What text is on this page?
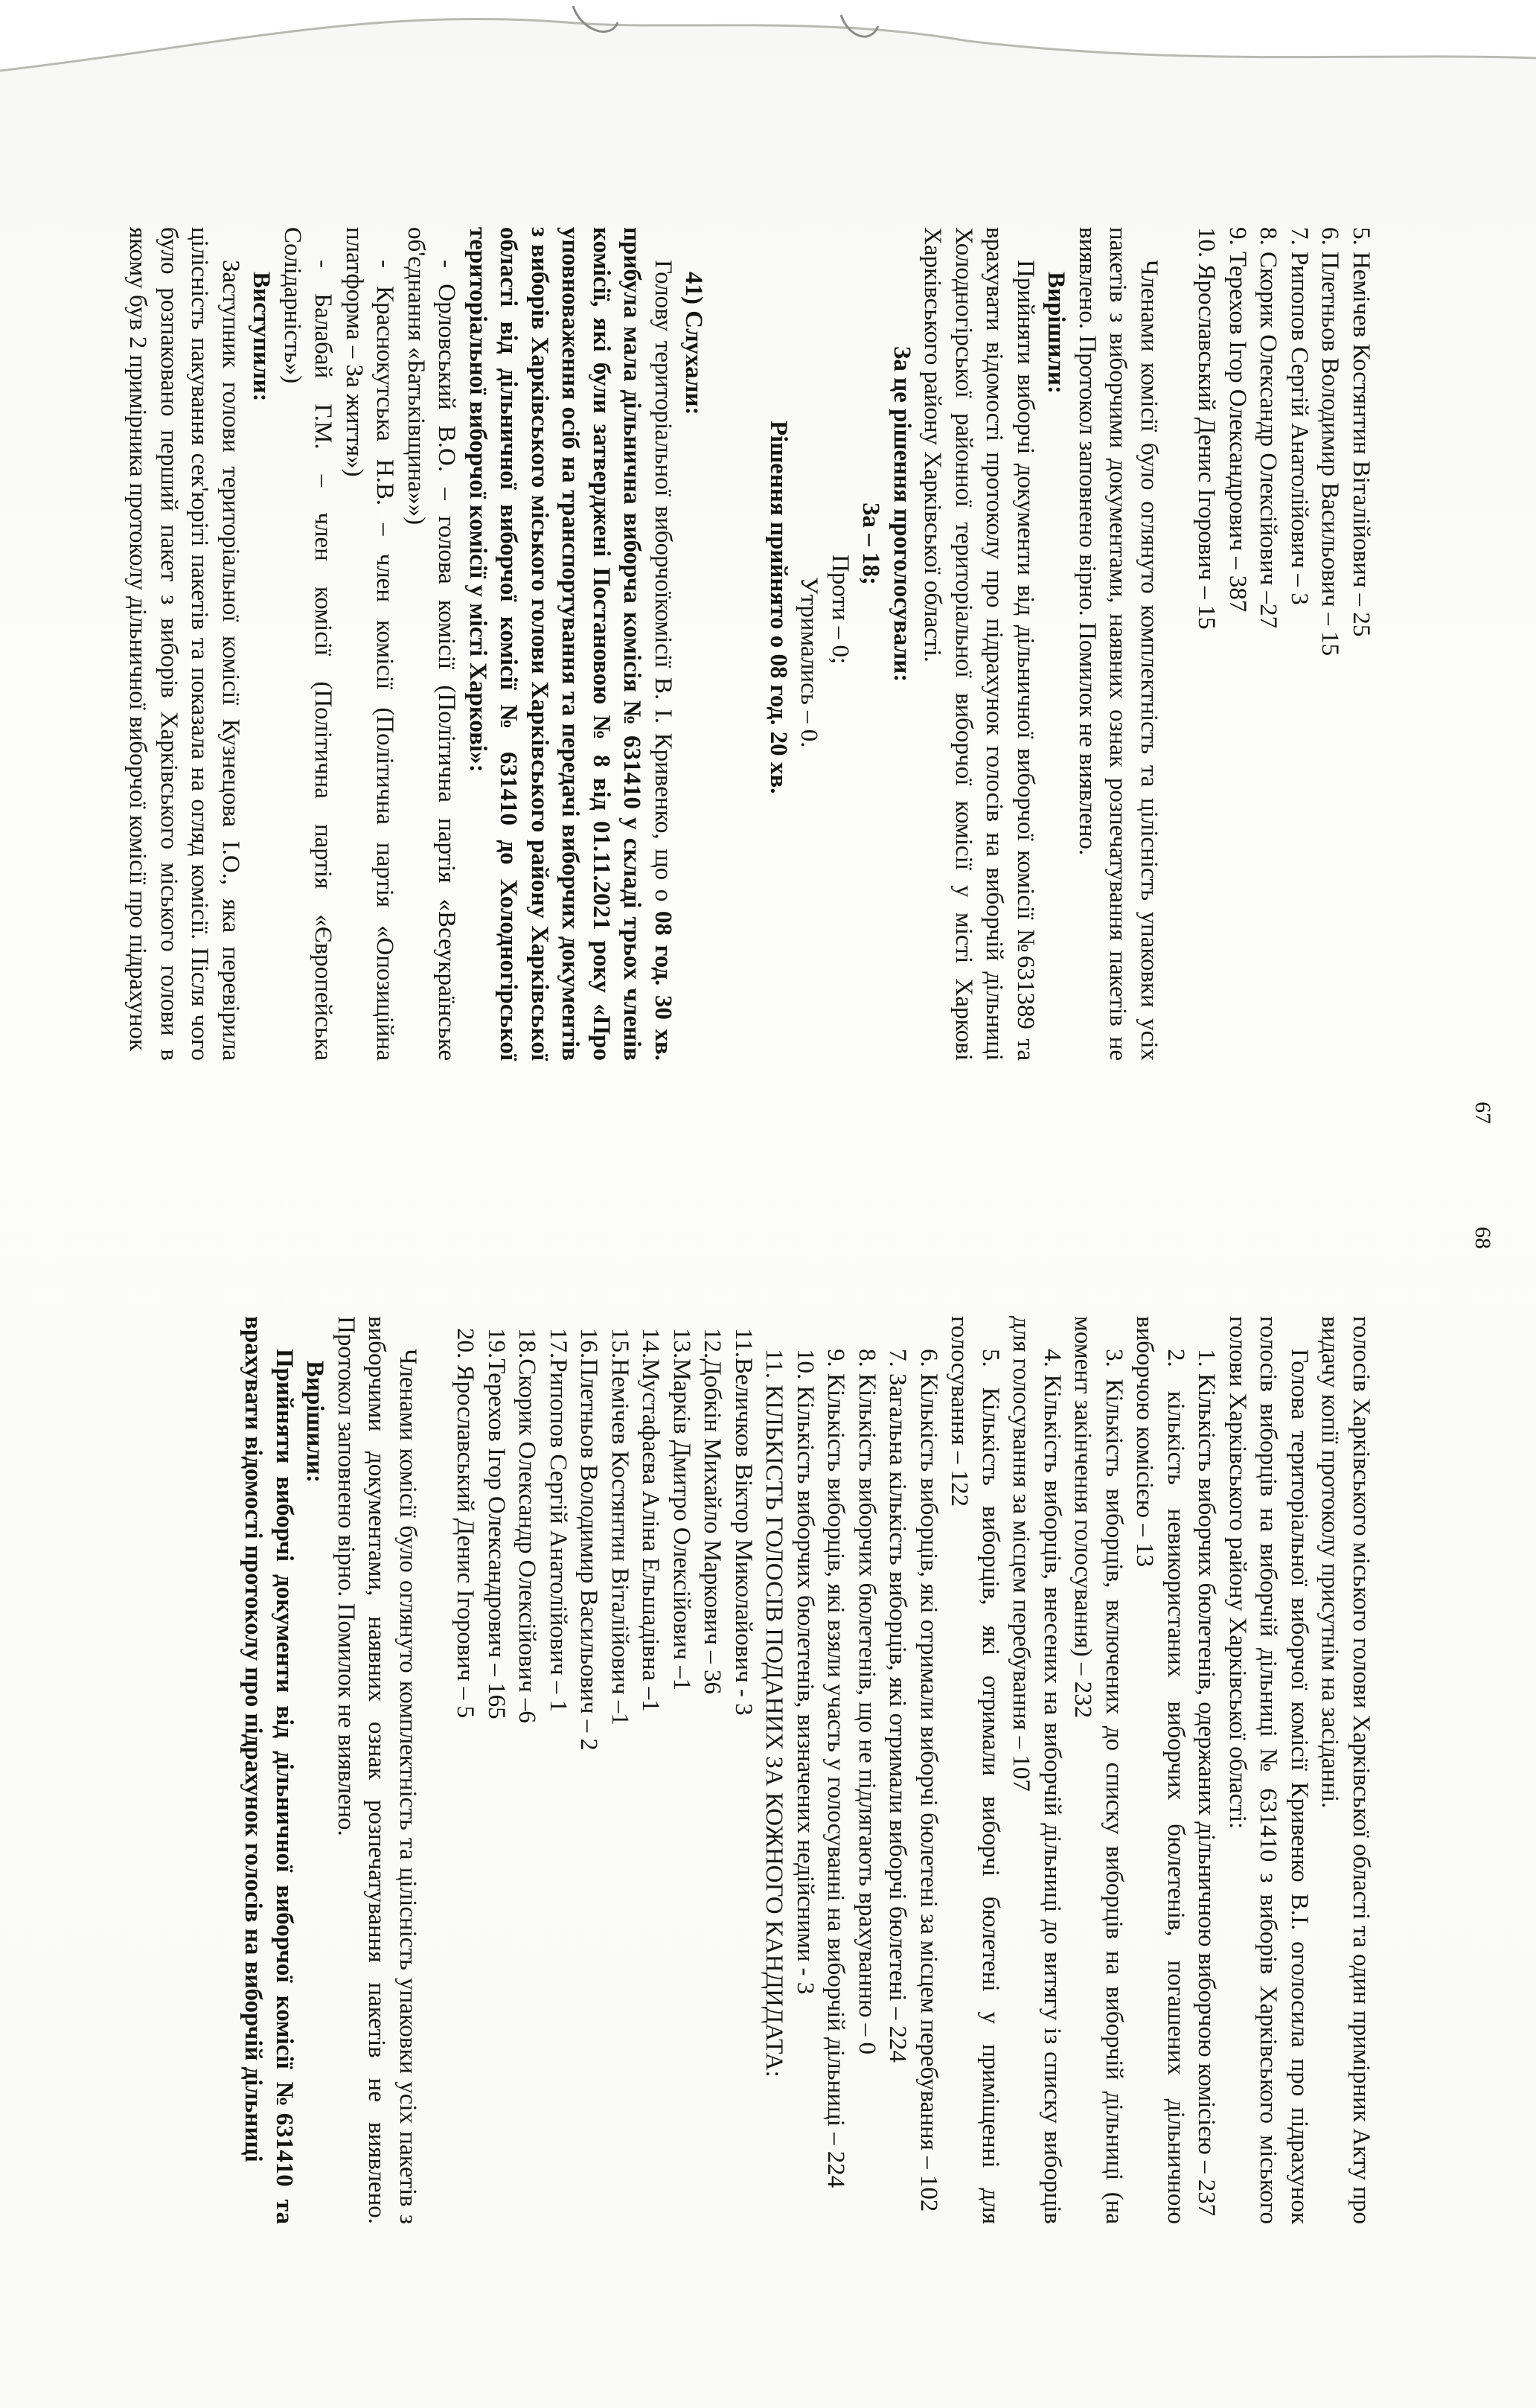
67

5. Немічев Костянтин Віталійович – 25

6. Плетньов Володимир Васильович – 15

7. Рипопов Сергій Анатолійович – 3

8. Скорик Олександр Олексійович –27

9. Терехов Ігор Олександрович – 387

10. Ярославський Денис Ігорович – 15

Членами комісії було оглянуто комплектність та цілісність упаковки усіх пакетів з виборчими документами, наявних ознак розпечатування пакетів не виявлено. Протокол заповнено вірно. Помилок не виявлено.

Вирішили:

Прийняти виборчі документи від дільничної виборчої комісії №631389 та врахувати відомості протоколу про підрахунок голосів на виборчій дільниці Холодногірської районної територіальної виборчої комісії у місті Харкові Харківського району Харківської області.

За це рішення проголосували:

За – 18;

Проти – 0;

Утримались – 0.

Рішення прийнято о 08 год. 20 хв.

41) Слухали:

Голову територіальної виборчоїкомісії В. І. Кривенко, що о 08 год. 30 хв. прибула мала дільнична виборча комісія № 631410 у складі трьох членів комісії, які були затверджені Постановою № 8 від 01.11.2021 року «Про уповноваження осіб на транспортування та передачі виборчих документів з виборів Харківського міського голови Харківського району Харківської області від дільничної виборчої комісії № 631410 до Холодногірської територіальної виборчої комісії у місті Харкові»:

- Орловський В.О. – голова комісії (Політична партія «Всеукраїнське об'єднання «Батьківщина»»)

- Краснокутська Н.В. – член комісії (Політична партія «Опозиційна платформа – За життя»)

- Балабай Г.М. – член комісії (Політична партія «Європейська Солідарність»)

Виступили:

Заступник голови територіальної комісії Кузнецова І.О., яка перевірила цілісність пакування сек'юріті пакетів та показала на огляд комісії. Після чого було розпаковано перший пакет з виборів Харківського міського голови в якому був 2 примірника протоколу дільничної виборчої комісії про підрахунок

68

голосів Харківського міського голови Харківської області та один примірник Акту про видачу копії протоколу присутнім на засіданні.

Голова територіальної виборчої комісії Кривенко В.І. оголосила про підрахунок голосів виборців на виборчій дільниці № 631410 з виборів Харківського міського голови Харківського району Харківської області:

1. Кількість виборчих бюлетенів, одержаних дільничною виборчою комісією – 237

2. кількість невикористаних виборчих бюлетенів, погашених дільничною виборчою комісією – 13

3. Кількість виборців, включених до списку виборців на виборчій дільниці (на момент закінчення голосування) – 232

4. Кількість виборців, внесених на виборчій дільниці до витягу із списку виборців для голосування за місцем перебування – 107

5. Кількість виборців, які отримали виборчі бюлетені у приміщенні для голосування – 122

6. Кількість виборців, які отримали виборчі бюлетені за місцем перебування – 102

7. Загальна кількість виборців, які отримали виборчі бюлетені – 224

8. Кількість виборчих бюлетенів, що не підлягають врахуванню – 0

9. Кількість виборців, які взяли участь у голосуванні на виборчій дільниці – 224

10. Кількість виборчих бюлетенів, визначених недійсними - 3

11. КІЛЬКІСТЬ ГОЛОСІВ ПОДАНИХ ЗА КОЖНОГО КАНДИДАТА:

11.Величков Віктор Миколайович - 3

12.Добкін Михайло Маркович – 36

13.Марків Дмитро Олексійович –1

14.Мустафаєва Аліна Ельшадівна –1

15.Немічев Костянтин Віталійович –1

16.Плетньов Володимир Васильович – 2

17.Рипопов Сергій Анатолійович – 1

18.Скорик Олександр Олексійович –6

19.Терехов Ігор Олександрович – 165

20. Ярославський Денис Ігорович – 5

Членами комісії було оглянуто комплектність та цілісність упаковки усіх пакетів з виборчими документами, наявних ознак розпечатування пакетів не виявлено. Протокол заповнено вірно. Помилок не виявлено.

Вирішили:

Прийняти виборчі документи від дільничної виборчої комісії №631410 та врахувати відомості протоколу про підрахунок голосів на виборчій дільниці
